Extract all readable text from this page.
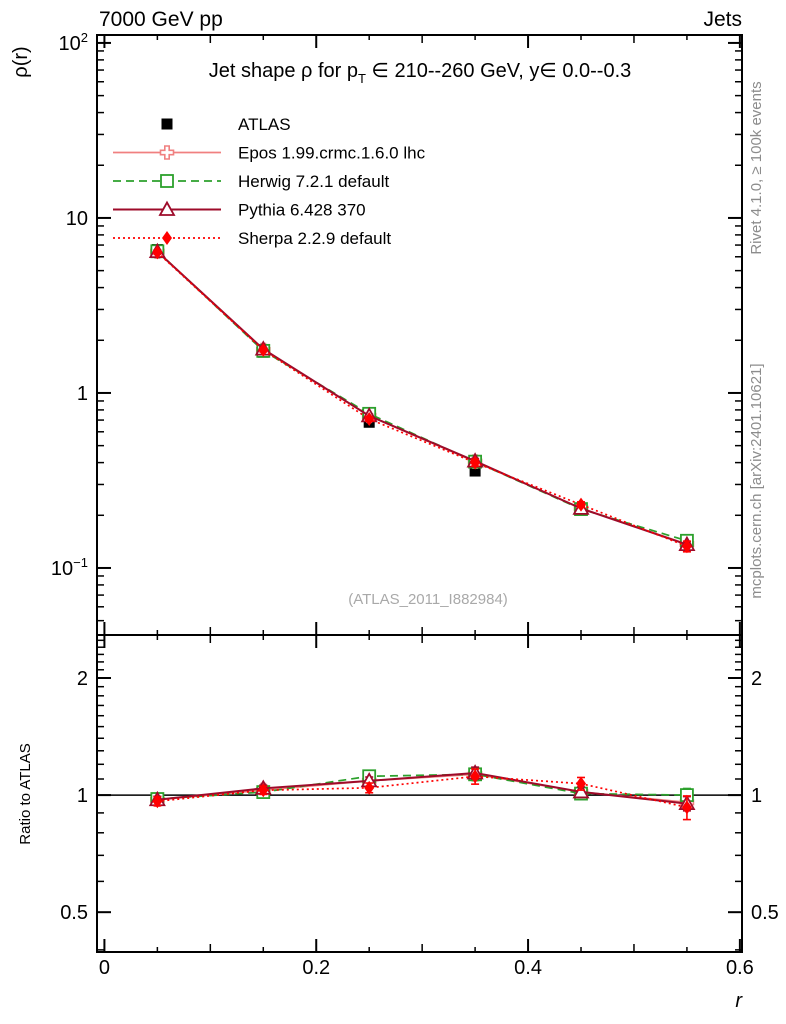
0	0.2	0.4	0.6
$10^2$
10
1
$10^{-1}$
2	2
1	1
0.5	0.5
ATLAS
Epos 1.99.crmc.1.6.0 lhc
Herwig 7.2.1 default
Pythia 6.428 370
Sherpa 2.2.9 default
7000 GeV pp	Jets
Jet shape ρ for $p_T$ ∈ 210--260 GeV, y∈ 0.0--0.3
ρ(r)
Ratio to ATLAS
r
(ATLAS_2011_I882984)
Rivet 4.1.0, ≥ 100k events
mcplots.cern.ch [arXiv:2401.10621]
